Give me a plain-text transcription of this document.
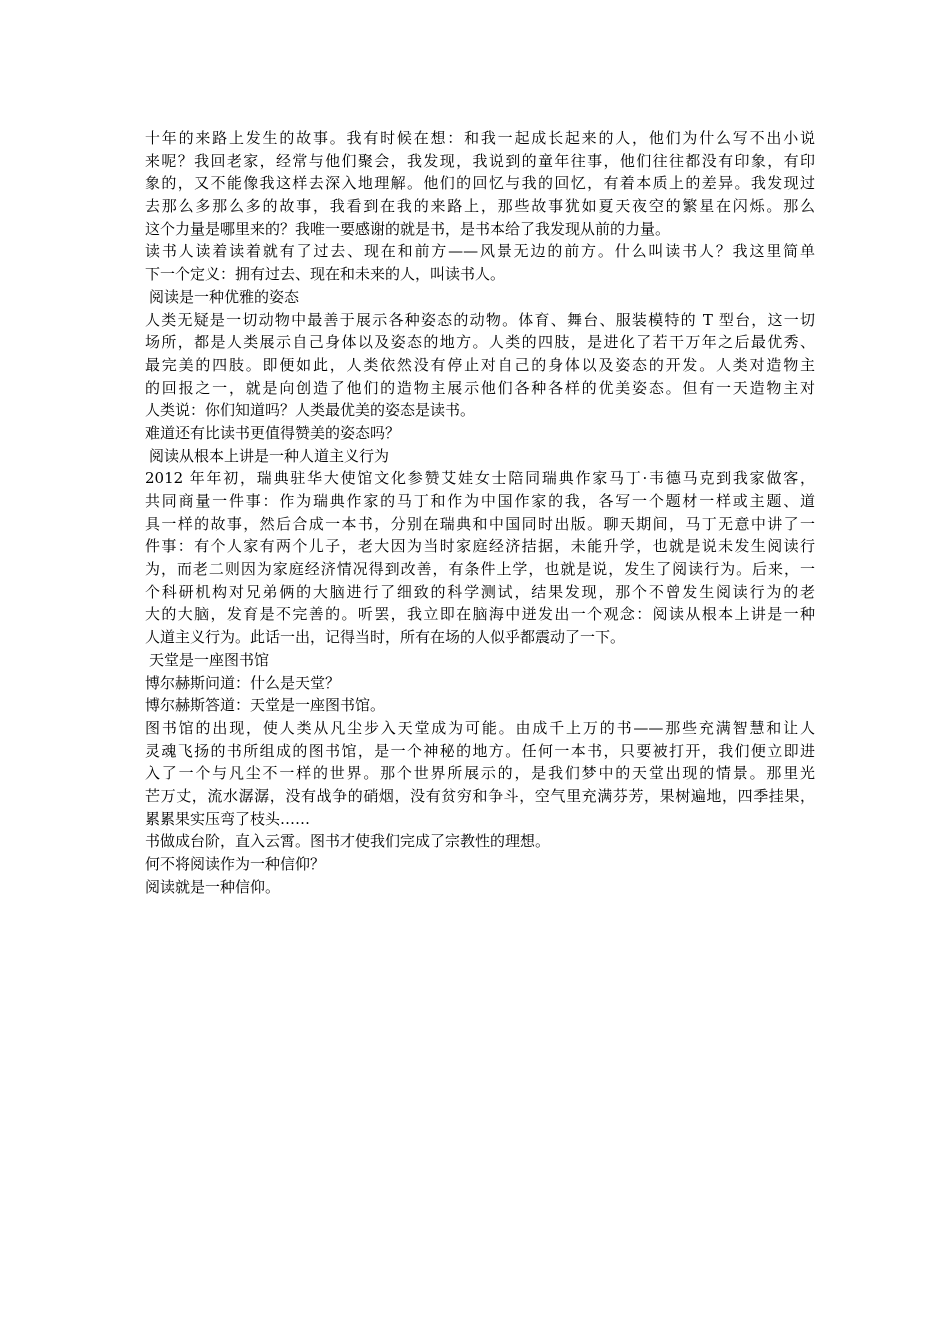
十年的来路上发生的故事。我有时候在想：和我一起成长起来的人，他们为什么写不出小说
来呢？我回老家，经常与他们聚会，我发现，我说到的童年往事，他们往往都没有印象，有印
象的，又不能像我这样去深入地理解。他们的回忆与我的回忆，有着本质上的差异。我发现过
去那么多那么多的故事，我看到在我的来路上，那些故事犹如夏天夜空的繁星在闪烁。那么
这个力量是哪里来的？我唯一要感谢的就是书，是书本给了我发现从前的力量。
读书人读着读着就有了过去、现在和前方——风景无边的前方。什么叫读书人？我这里简单
下一个定义：拥有过去、现在和未来的人，叫读书人。
阅读是一种优雅的姿态
人类无疑是一切动物中最善于展示各种姿态的动物。体育、舞台、服装模特的 T 型台，这一切
场所，都是人类展示自己身体以及姿态的地方。人类的四肢，是进化了若干万年之后最优秀、
最完美的四肢。即便如此，人类依然没有停止对自己的身体以及姿态的开发。人类对造物主
的回报之一，就是向创造了他们的造物主展示他们各种各样的优美姿态。但有一天造物主对
人类说：你们知道吗？人类最优美的姿态是读书。
难道还有比读书更值得赞美的姿态吗？
阅读从根本上讲是一种人道主义行为
2012 年年初，瑞典驻华大使馆文化参赞艾娃女士陪同瑞典作家马丁·韦德马克到我家做客，
共同商量一件事：作为瑞典作家的马丁和作为中国作家的我，各写一个题材一样或主题、道
具一样的故事，然后合成一本书，分别在瑞典和中国同时出版。聊天期间，马丁无意中讲了一
件事：有个人家有两个儿子，老大因为当时家庭经济拮据，未能升学，也就是说未发生阅读行
为，而老二则因为家庭经济情况得到改善，有条件上学，也就是说，发生了阅读行为。后来，一
个科研机构对兄弟俩的大脑进行了细致的科学测试，结果发现，那个不曾发生阅读行为的老
大的大脑，发育是不完善的。听罢，我立即在脑海中迸发出一个观念：阅读从根本上讲是一种
人道主义行为。此话一出，记得当时，所有在场的人似乎都震动了一下。
天堂是一座图书馆
博尔赫斯问道：什么是天堂？
博尔赫斯答道：天堂是一座图书馆。
图书馆的出现，使人类从凡尘步入天堂成为可能。由成千上万的书——那些充满智慧和让人
灵魂飞扬的书所组成的图书馆，是一个神秘的地方。任何一本书，只要被打开，我们便立即进
入了一个与凡尘不一样的世界。那个世界所展示的，是我们梦中的天堂出现的情景。那里光
芒万丈，流水潺潺，没有战争的硝烟，没有贫穷和争斗，空气里充满芬芳，果树遍地，四季挂果，
累累果实压弯了枝头……
书做成台阶，直入云霄。图书才使我们完成了宗教性的理想。
何不将阅读作为一种信仰？
阅读就是一种信仰。
